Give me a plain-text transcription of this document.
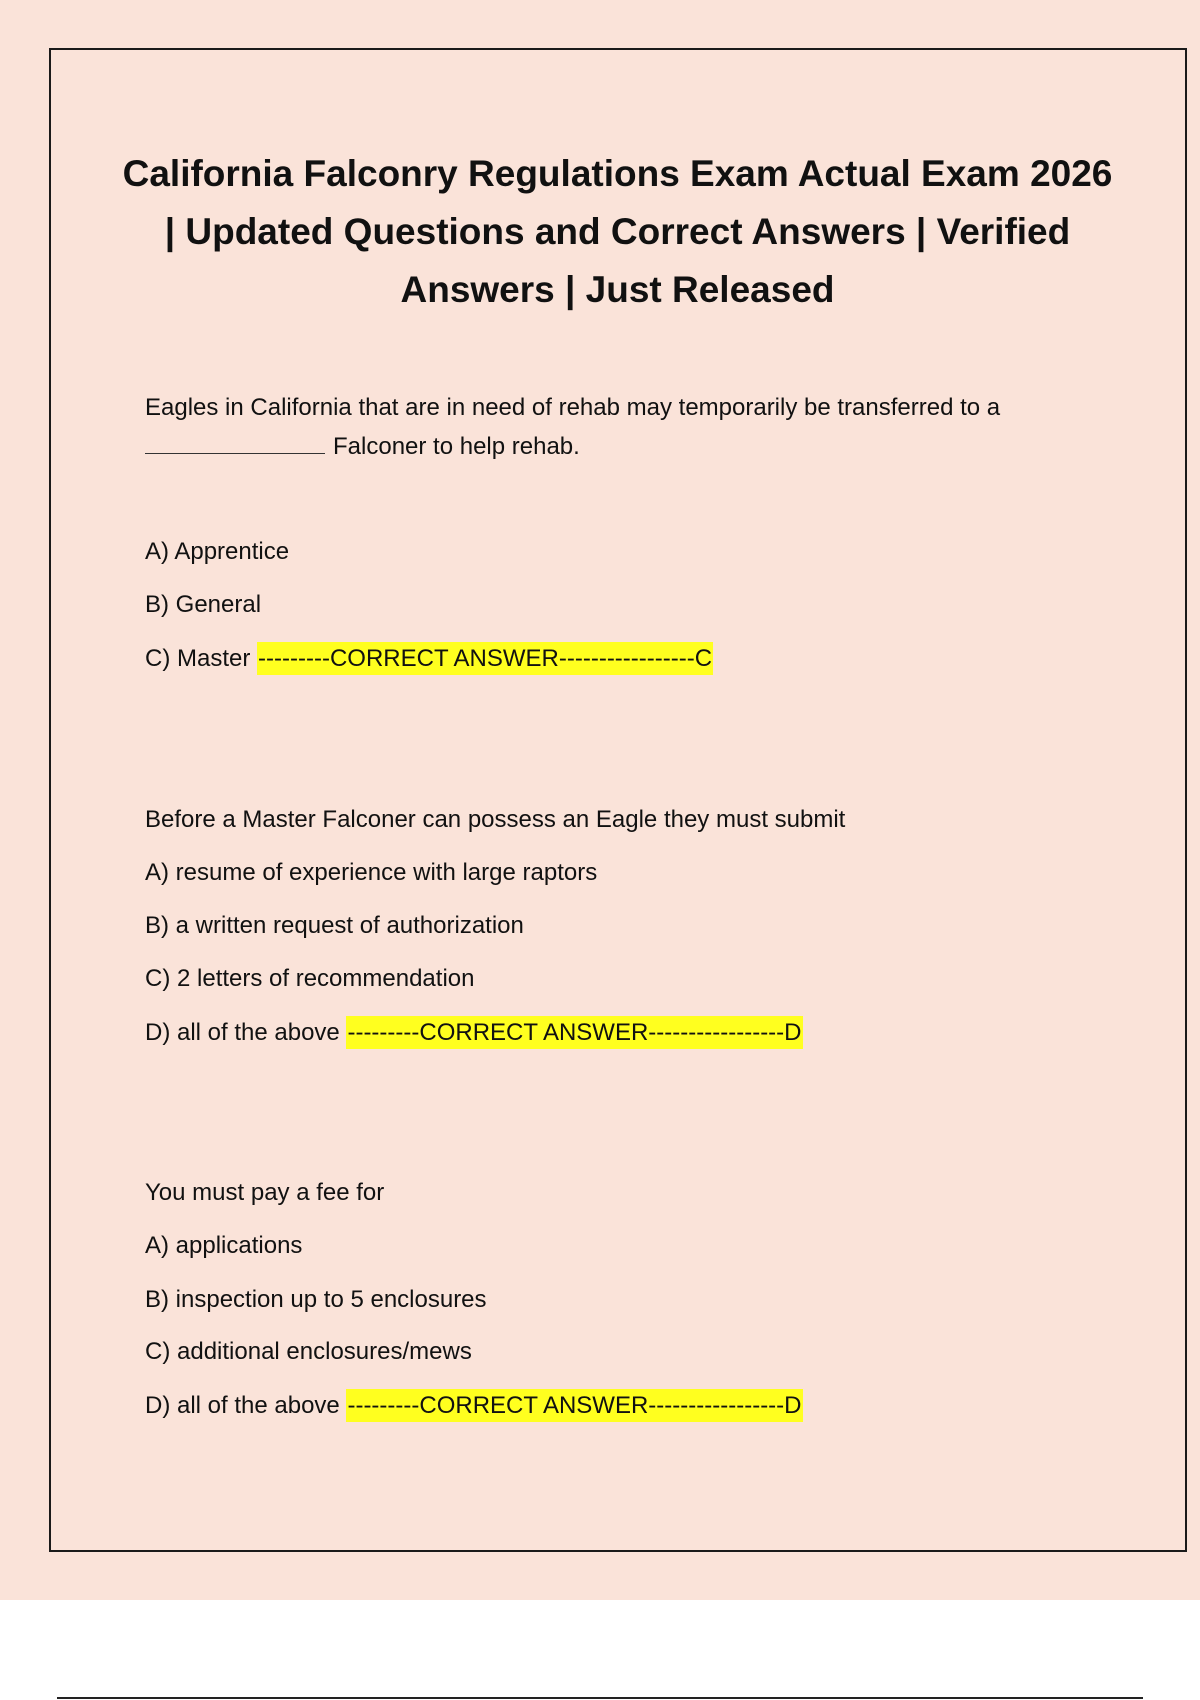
California Falconry Regulations Exam Actual Exam 2026 | Updated Questions and Correct Answers | Verified Answers | Just Released
Eagles in California that are in need of rehab may temporarily be transferred to a
Falconer to help rehab.
A) Apprentice
B) General
C) Master ---------CORRECT ANSWER-----------------C
Before a Master Falconer can possess an Eagle they must submit
A) resume of experience with large raptors
B) a written request of authorization
C) 2 letters of recommendation
D) all of the above ---------CORRECT ANSWER-----------------D
You must pay a fee for
A) applications
B) inspection up to 5 enclosures
C) additional enclosures/mews
D) all of the above ---------CORRECT ANSWER-----------------D
